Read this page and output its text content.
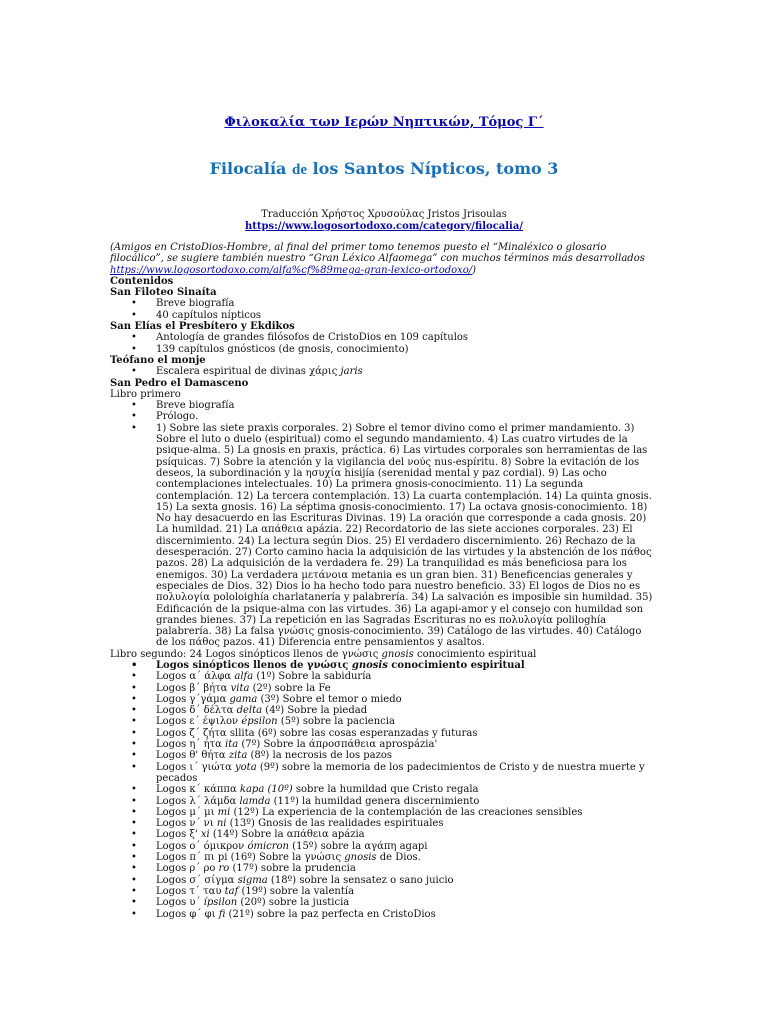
Φιλοκαλία των Ιερών Νηπτικών, Τόμος Γ΄
Filocalía de los Santos Nípticos, tomo 3
Traducción Χρήστος Χρυσούλας Jristos Jrisoulas
https://www.logosortodoxo.com/category/filocalia/

(Amigos en CristoDios-Hombre, al final del primer tomo tenemos puesto el “Minaléxico o glosario filocálico”, se sugiere también nuestro “Gran Léxico Alfaomega” con muchos términos más desarrollados https://www.logosortodoxo.com/alfa%cf%89mega-gran-lexico-ortodoxo/)

Contenidos

San Filoteo Sinaíta

• Breve biografía
• 40 capítulos nípticos

San Elías el Presbítero y Ekdikos

• Antología de grandes filósofos de CristoDios en 109 capítulos
• 139 capítulos gnósticos (de gnosis, conocimiento)

Teófano el monje

• Escalera espiritual de divinas χάρις jaris

San Pedro el Damasceno

Libro primero

• Breve biografía
• Prólogo.
• 1) Sobre las siete praxis corporales. 2) Sobre el temor divino como el primer mandamiento. 3) Sobre el luto o duelo (espiritual) como el segundo mandamiento. 4) Las cuatro virtudes de la psique-alma. 5) La gnosis en praxis, práctica. 6) Las virtudes corporales son herramientas de las psíquicas. 7) Sobre la atención y la vigilancia del νούς nus-espíritu. 8) Sobre la evitación de los deseos, la subordinación y la ησυχία hisijía (serenidad mental y paz cordial). 9) Las ocho contemplaciones intelectuales. 10) La primera gnosis-conocimiento. 11) La segunda contemplación. 12) La tercera contemplación. 13) La cuarta contemplación. 14) La quinta gnosis. 15) La sexta gnosis. 16) La séptima gnosis-conocimiento. 17) La octava gnosis-conocimiento. 18) No hay desacuerdo en las Escrituras Divinas. 19) La oración que corresponde a cada gnosis. 20) La humildad. 21) La απάθεια apázia. 22) Recordatorio de las siete acciones corporales. 23) El discernimiento. 24) La lectura según Dios. 25) El verdadero discernimiento. 26) Rechazo de la desesperación. 27) Corto camino hacia la adquisición de las virtudes y la abstención de los πάθος pazos. 28) La adquisición de la verdadera fe. 29) La tranquilidad es más beneficiosa para los enemigos. 30) La verdadera μετάνοια metania es un gran bien. 31) Beneficencias generales y especiales de Dios. 32) Dios lo ha hecho todo para nuestro beneficio. 33) El logos de Dios no es πολυλογία pololoighía charlatanería y palabrería. 34) La salvación es imposible sin humildad. 35) Edificación de la psique-alma con las virtudes. 36) La agapi-amor y el consejo con humildad son grandes bienes. 37) La repetición en las Sagradas Escrituras no es πολυλογία poliloghía palabrería. 38) La falsa γνώσις gnosis-conocimiento. 39) Catálogo de las virtudes. 40) Catálogo de los πάθος pazos. 41) Diferencia entre pensamientos y asaltos.

Libro segundo: 24 Logos sinópticos llenos de γνώσις gnosis conocimiento espiritual

• Logos sinópticos llenos de γνώσις gnosis conocimiento espiritual
• Logos α΄ άλφα alfa (1º) Sobre la sabiduría
• Logos β΄ βήτα vita (2º) sobre la Fe
• Logos γ΄γάμα gama (3º) Sobre el temor o miedo
• Logos δ΄ δέλτα delta (4º) Sobre la piedad
• Logos ε΄ έψιλον épsilon (5º) sobre la paciencia
• Logos ζ΄ ζήτα sllita (6º) sobre las cosas esperanzadas y futuras
• Logos η΄ ήτα ita (7º) Sobre la άπροσπάθεια aprospázia'
• Logos θ' θήτα zita (8º) la necrosis de los pazos
• Logos ι΄ γιώτα yota (9º) sobre la memoria de los padecimientos de Cristo y de nuestra muerte y pecados
• Logos κ΄ κάππα kapa (10º) sobre la humildad que Cristo regala
• Logos λ΄ λάμδα lamda (11º) la humildad genera discernimiento
• Logos μ΄ μι mi (12º) La experiencia de la contemplación de las creaciones sensibles
• Logos ν΄ νι ni (13º) Gnosis de las realidades espirituales
• Logos ξ' xi (14º) Sobre la απάθεια apázia
• Logos ο΄ όμικρον ómicron (15º) sobre la αγάπη agapi
• Logos π΄ πι pi (16º) Sobre la γνώσις gnosis de Dios.
• Logos ρ΄ ρο ro (17º) sobre la prudencia
• Logos σ΄ σίγμα sigma (18º) sobre la sensatez o sano juicio
• Logos τ΄ ταυ taf (19º) sobre la valentía
• Logos υ΄ ípsilon (20º) sobre la justicia
• Logos φ΄ φι fi (21º) sobre la paz perfecta en CristoDios
